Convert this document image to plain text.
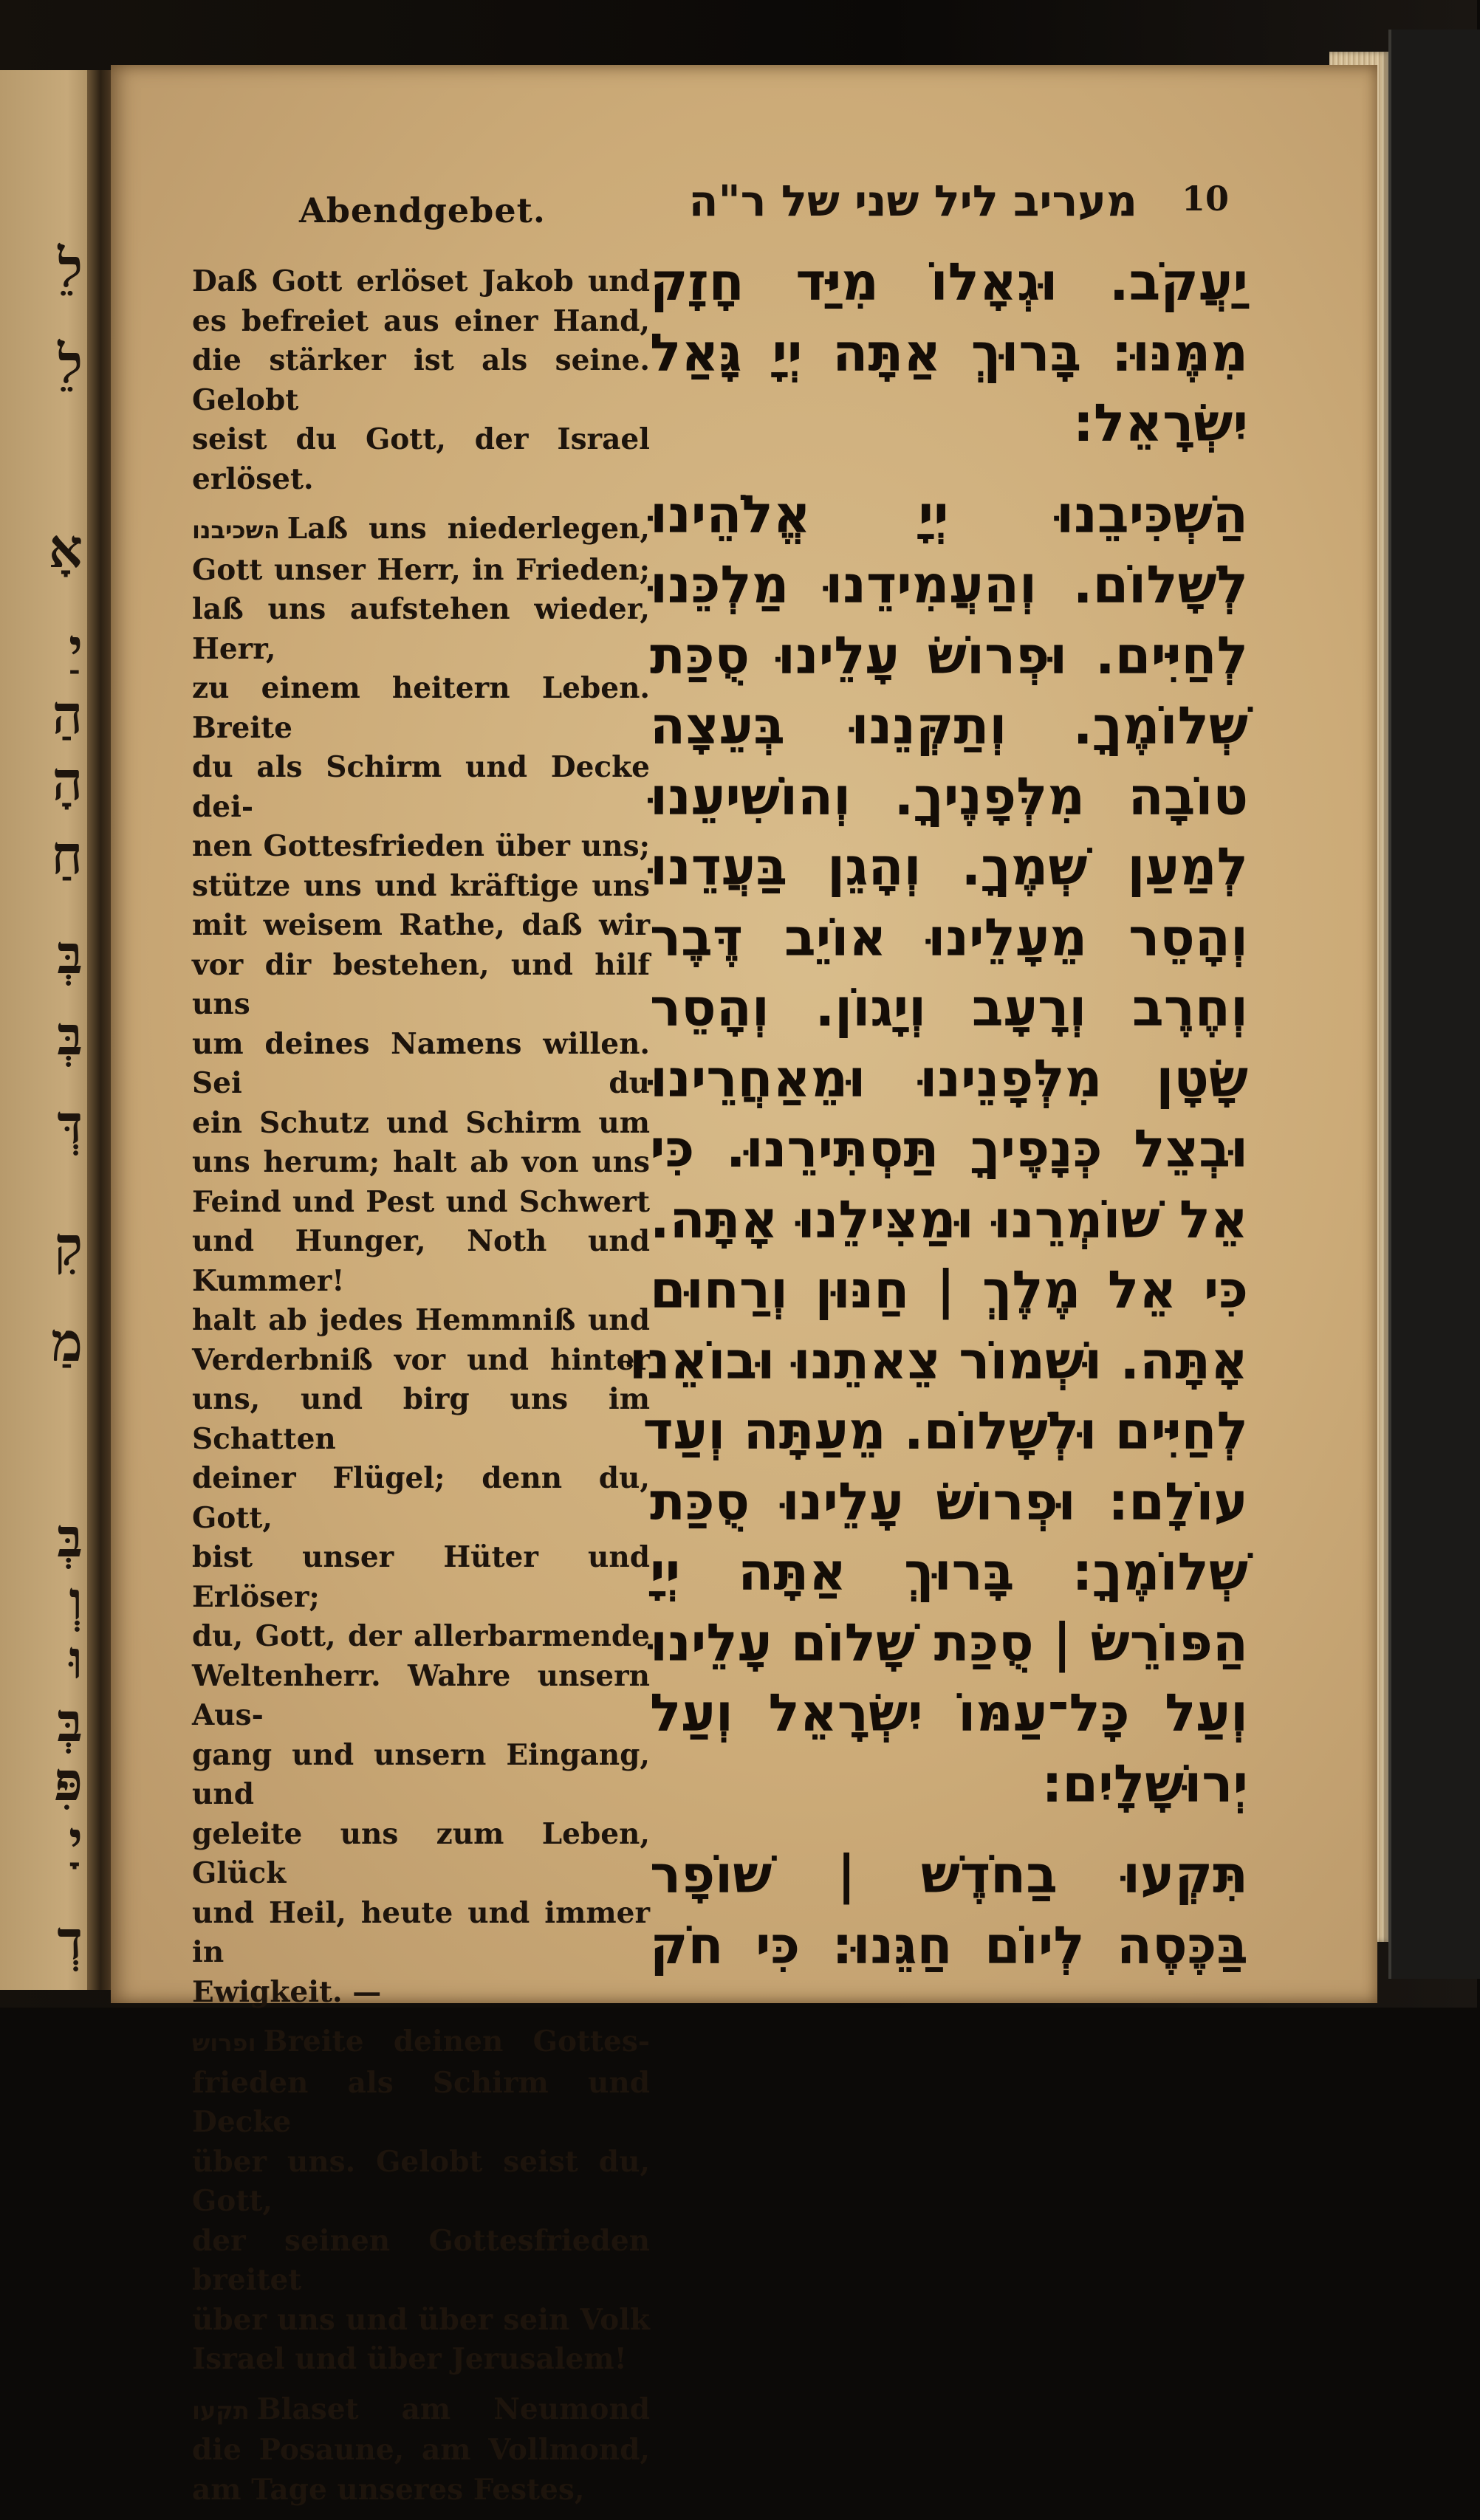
לֵ
לֵ
אָ
יַ
הַ
הָ
חַ
בְּ
בְּ
דְּ
קִ
מַ
בְּ
וְ
וּ
בְּ
פִּ
יָ
דְ
Abendgebet.	מעריב ליל שני של ר"ה 10

Daß Gott erlöset Jakob und
es befreiet aus einer Hand,
die stärker ist als seine. Gelobt
seist du Gott, der Israel
erlöset.

השכיבנו Laß uns niederlegen,
Gott unser Herr, in Frieden;
laß uns aufstehen wieder, Herr,
zu einem heitern Leben. Breite
du als Schirm und Decke dei-
nen Gottesfrieden über uns;
stütze uns und kräftige uns
mit weisem Rathe, daß wir
vor dir bestehen, und hilf uns
um deines Namens willen. Sei du
ein Schutz und Schirm um
uns herum; halt ab von uns
Feind und Pest und Schwert
und Hunger, Noth und Kummer!
halt ab jedes Hemmniß und
Verderbniß vor und hinter
uns, und birg uns im Schatten
deiner Flügel; denn du, Gott,
bist unser Hüter und Erlöser;
du, Gott, der allerbarmende
Weltenherr. Wahre unsern Aus-
gang und unsern Eingang, und
geleite uns zum Leben, Glück
und Heil, heute und immer in
Ewigkeit. —

ופרוש Breite deinen Gottes-
frieden als Schirm und Decke
über uns. Gelobt seist du, Gott,
der seinen Gottesfrieden breitet
über uns und über sein Volk
Israel und über Jerusalem!

תקעו Blaset am Neumond
die Posaune, am Vollmond,
am Tage unseres Festes,

יַעֲקֹב. וּגְאָלוֹ מִיַּד חָזָק
מִמֶּנּוּ: בָּרוּךְ אַתָּה יְיָ גָּאַל
יִשְׂרָאֵל:
הַשְׁכִּיבֵנוּ יְיָ אֱלֹהֵינוּ
לְשָׁלוֹם. וְהַעֲמִידֵנוּ מַלְכֵּנוּ
לְחַיִּים. וּפְרוֹשׂ עָלֵינוּ סֻכַּת
שְׁלוֹמֶךָ. וְתַקְּנֵנוּ בְּעֵצָה
טוֹבָה מִלְּפָנֶיךָ. וְהוֹשִׁיעֵנוּ
לְמַעַן שְׁמֶךָ. וְהָגֵן בַּעֲדֵנוּ
וְהָסֵר מֵעָלֵינוּ אוֹיֵב דֶּבֶר
וְחֶרֶב וְרָעָב וְיָגוֹן. וְהָסֵר
שָׂטָן מִלְּפָנֵינוּ וּמֵאַחֲרֵינוּ
וּבְצֵל כְּנָפֶיךָ תַּסְתִּירֵנוּ. כִּי
אֵל שׁוֹמְרֵנוּ וּמַצִּילֵנוּ אָתָּה.
כִּי אֵל מֶלֶךְ | חַנּוּן וְרַחוּם
אָתָּה. וּשְׁמוֹר צֵאתֵנוּ וּבוֹאֵנוּ
לְחַיִּים וּלְשָׁלוֹם. מֵעַתָּה וְעַד
עוֹלָם: וּפְרוֹשׂ עָלֵינוּ סֻכַּת
שְׁלוֹמֶךָ: בָּרוּךְ אַתָּה יְיָ
הַפּוֹרֵשׂ | סֻכַּת שָׁלוֹם עָלֵינוּ
וְעַל כָּל־עַמּוֹ יִשְׂרָאֵל וְעַל
יְרוּשָׁלָיִם:
תִּקְעוּ בַחֹדֶשׁ | שׁוֹפָר
בַּכֶּסֶה לְיוֹם חַגֵּנוּ: כִּי חֹק
